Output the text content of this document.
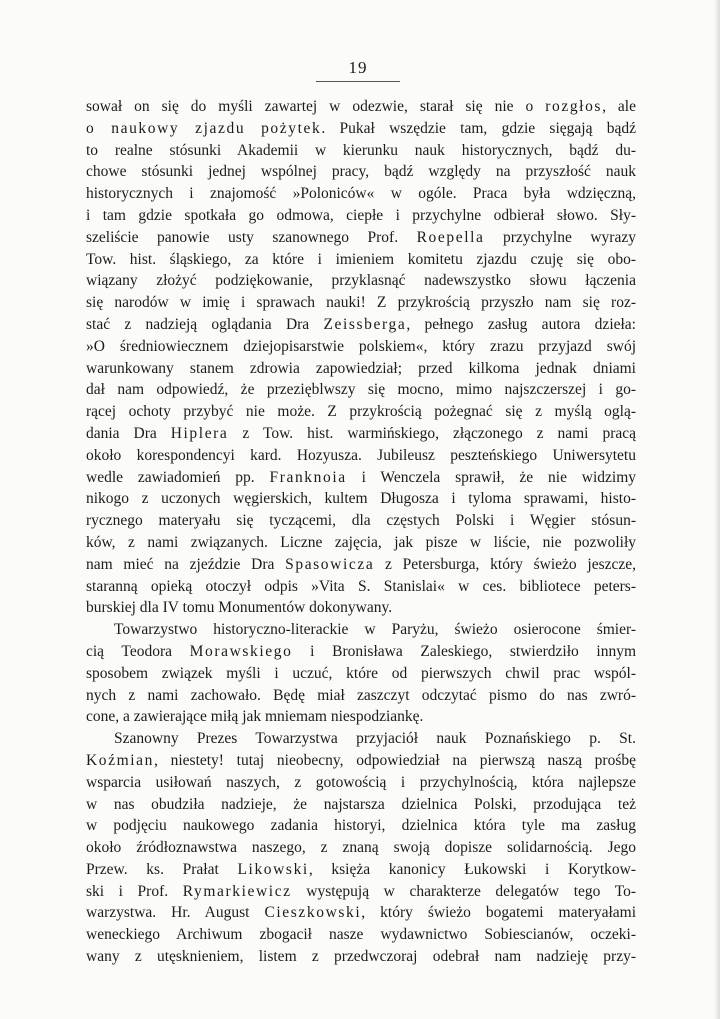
19
sował on się do myśli zawartej w odezwie, starał się nie o rozgłos, ale
o naukowy zjazdu pożytek. Pukał wszędzie tam, gdzie sięgają bądź
to realne stósunki Akademii w kierunku nauk historycznych, bądź du-
chowe stósunki jednej wspólnej pracy, bądź względy na przyszłość nauk
historycznych i znajomość »Poloniców« w ogóle. Praca była wdzięczną,
i tam gdzie spotkała go odmowa, ciepłe i przychylne odbierał słowo. Sły-
szeliście panowie usty szanownego Prof. Roepella przychylne wyrazy
Tow. hist. śląskiego, za które i imieniem komitetu zjazdu czuję się obo-
wiązany złożyć podziękowanie, przyklasnąć nadewszystko słowu łączenia
się narodów w imię i sprawach nauki! Z przykrością przyszło nam się roz-
stać z nadzieją oglądania Dra Zeissberga, pełnego zasług autora dzieła:
»O średniowiecznem dziejopisarstwie polskiem«, który zrazu przyjazd swój
warunkowany stanem zdrowia zapowiedział; przed kilkoma jednak dniami
dał nam odpowiedź, że przezięblwszy się mocno, mimo najszczerszej i go-
rącej ochoty przybyć nie może. Z przykrością pożegnać się z myślą oglą-
dania Dra Hiplera z Tow. hist. warmińskiego, złączonego z nami pracą
około korespondencyi kard. Hozyusza. Jubileusz peszteńskiego Uniwersytetu
wedle zawiadomień pp. Franknoia i Wenczela sprawił, że nie widzimy
nikogo z uczonych węgierskich, kultem Długosza i tyloma sprawami, histo-
rycznego materyału się tyczącemi, dla częstych Polski i Węgier stósun-
ków, z nami związanych. Liczne zajęcia, jak pisze w liście, nie pozwoliły
nam mieć na zjeździe Dra Spasowicza z Petersburga, który świeżo jeszcze,
staranną opieką otoczył odpis »Vita S. Stanislai« w ces. bibliotece peters-
burskiej dla IV tomu Monumentów dokonywany.
Towarzystwo historyczno-literackie w Paryżu, świeżo osierocone śmier-
cią Teodora Morawskiego i Bronisława Zaleskiego, stwierdziło innym
sposobem związek myśli i uczuć, które od pierwszych chwil prac wspól-
nych z nami zachowało. Będę miał zaszczyt odczytać pismo do nas zwró-
cone, a zawierające miłą jak mniemam niespodziankę.
Szanowny Prezes Towarzystwa przyjaciół nauk Poznańskiego p. St.
Koźmian, niestety! tutaj nieobecny, odpowiedział na pierwszą naszą prośbę
wsparcia usiłowań naszych, z gotowością i przychylnością, która najlepsze
w nas obudziła nadzieje, że najstarsza dzielnica Polski, przodująca też
w podjęciu naukowego zadania historyi, dzielnica która tyle ma zasług
około źródłoznawstwa naszego, z znaną swoją dopisze solidarnością. Jego
Przew. ks. Prałat Likowski, księża kanonicy Łukowski i Korytkow-
ski i Prof. Rymarkiewicz występują w charakterze delegatów tego To-
warzystwa. Hr. August Cieszkowski, który świeżo bogatemi materyałami
weneckiego Archiwum zbogacił nasze wydawnictwo Sobiescianów, oczeki-
wany z utęsknieniem, listem z przedwczoraj odebrał nam nadzieję przy-
